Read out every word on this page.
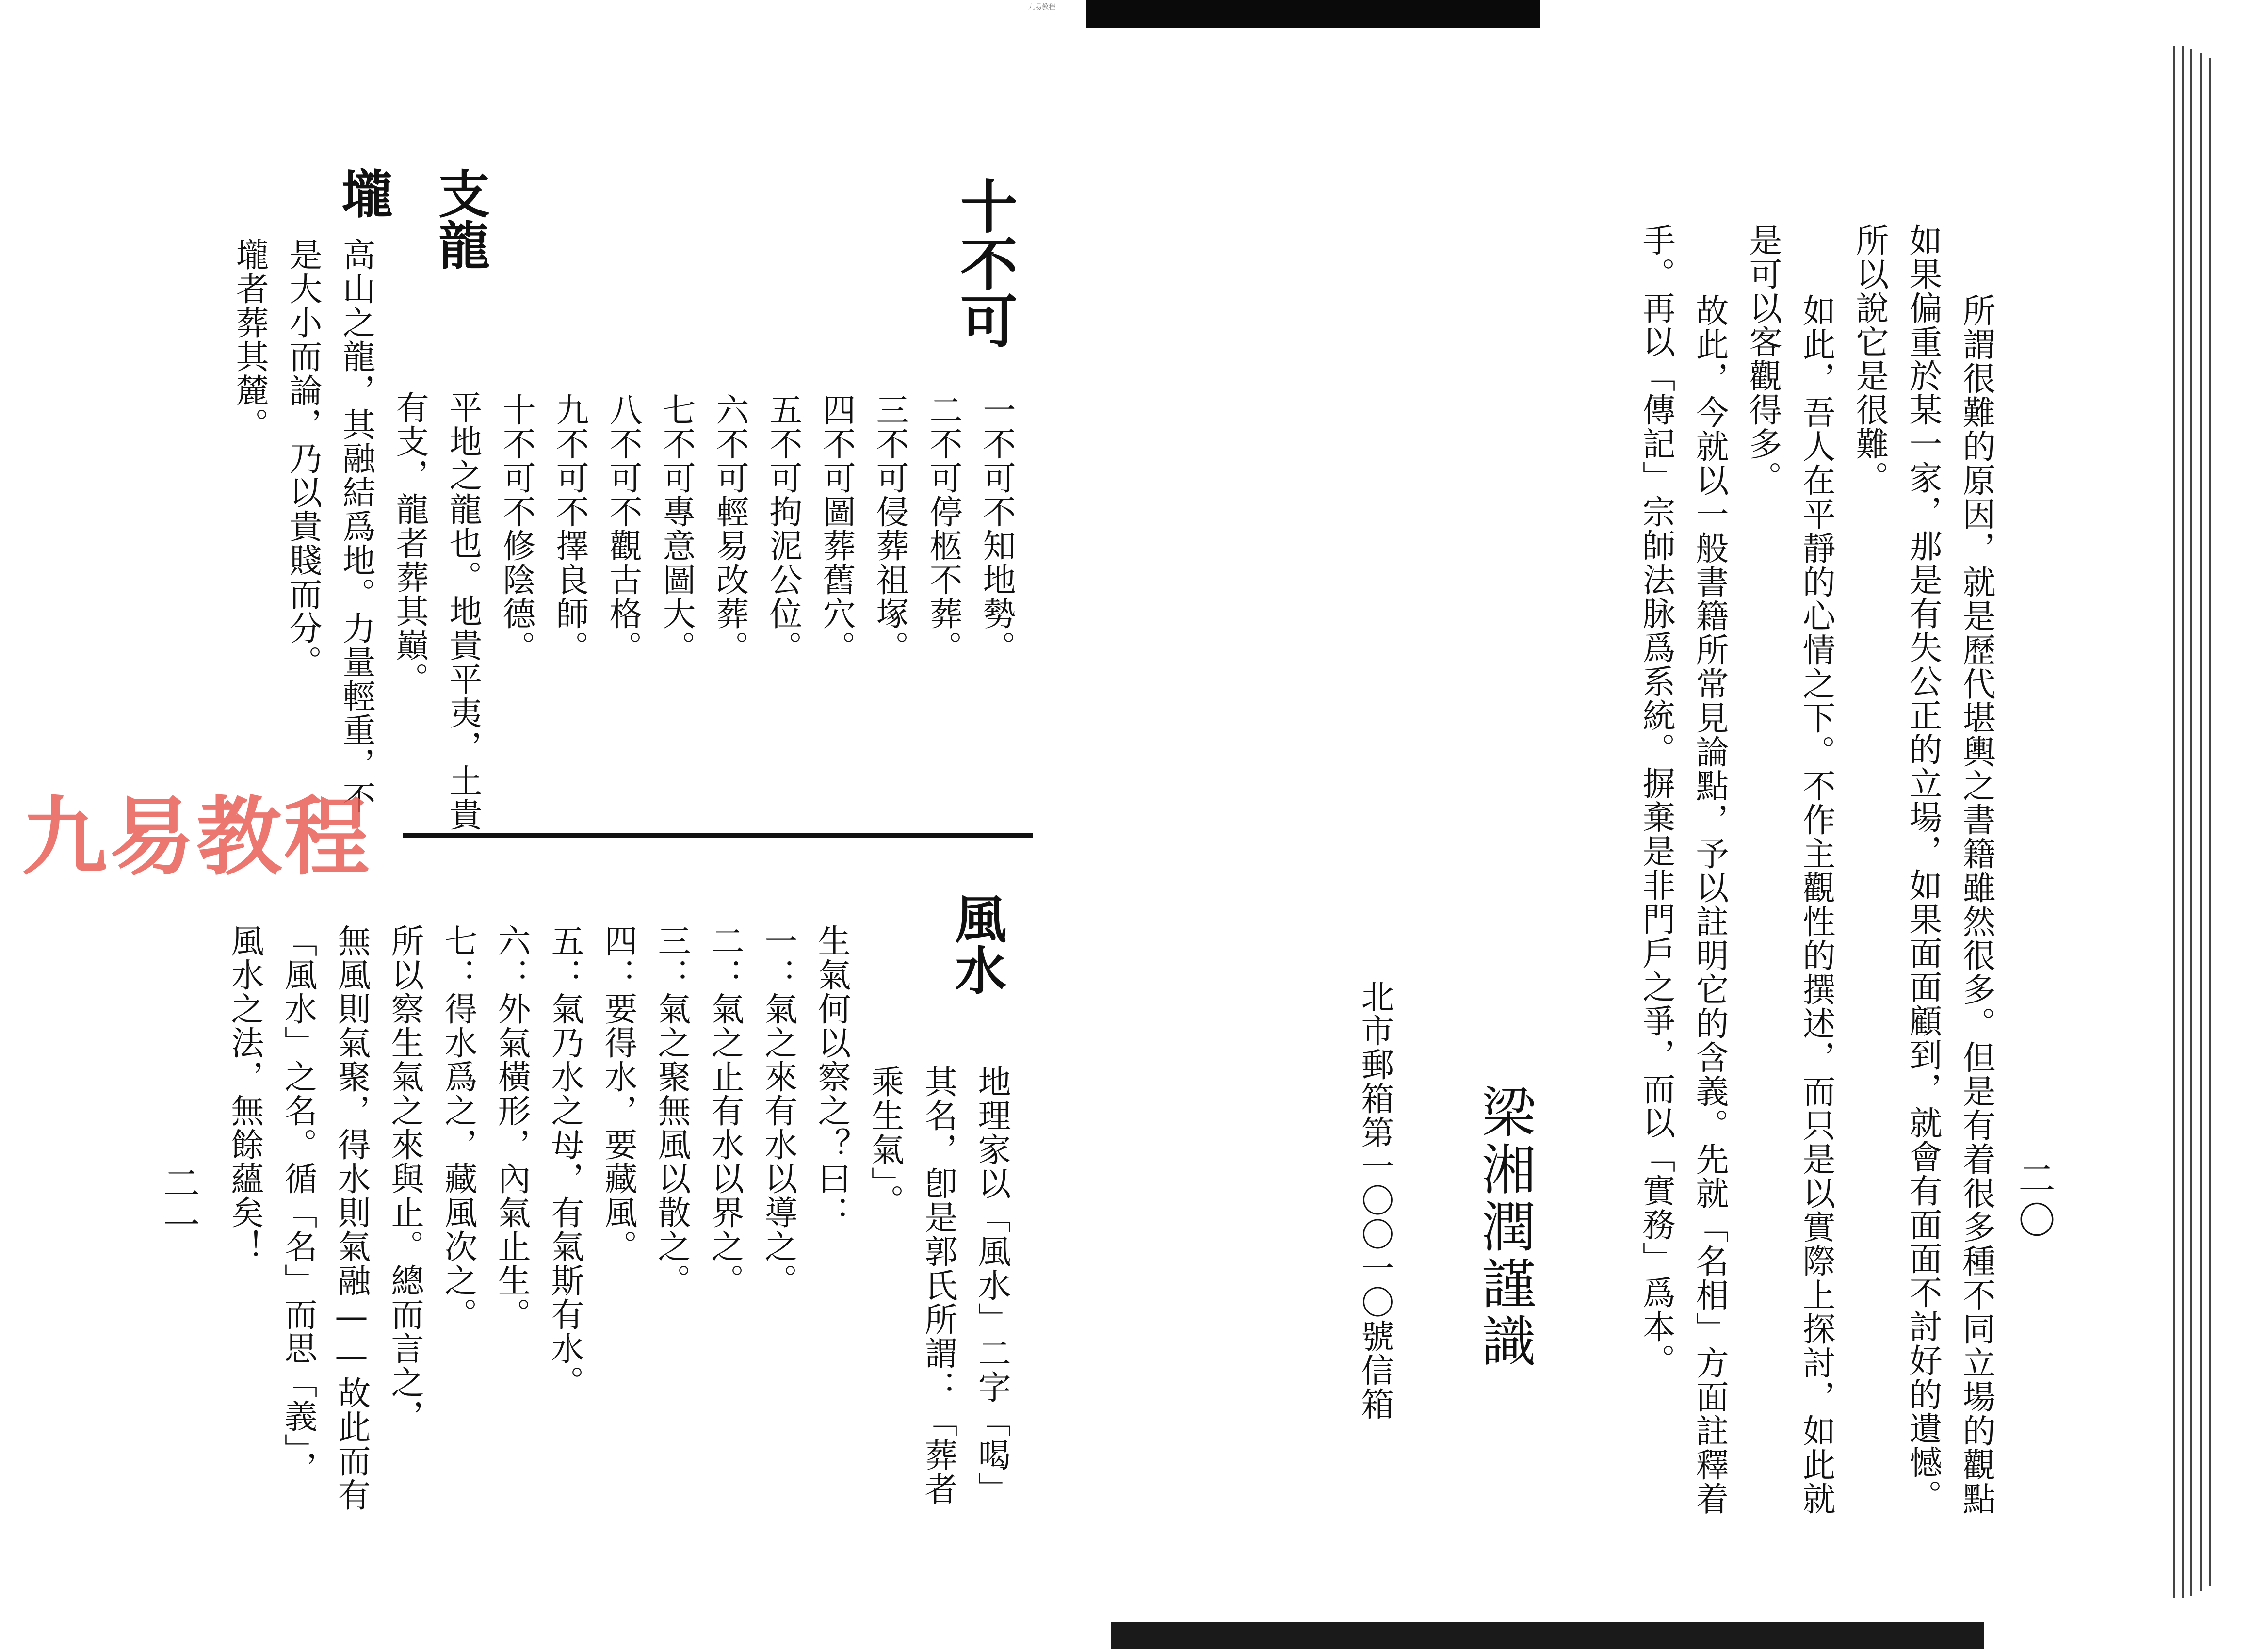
九易教程
二〇
所謂很難的原因，就是歷代堪輿之書籍雖然很多。但是有着很多種不同立場的觀點
如果偏重於某一家，那是有失公正的立場，如果面面顧到，就會有面面不討好的遺憾。
所以說它是很難。
如此，吾人在平靜的心情之下。不作主觀性的撰述，而只是以實際上探討，如此就
是可以客觀得多。
故此，今就以一般書籍所常見論點，予以註明它的含義。先就「名相」方面註釋着
手。再以「傳記」宗師法脉爲系統。摒棄是非門戶之爭，而以「實務」爲本。
梁湘潤謹識
北市郵箱第一〇〇一〇號信箱
十不可
一不可不知地勢。
二不可停柩不葬。
三不可侵葬祖塚。
四不可圖葬舊穴。
五不可拘泥公位。
六不可輕易改葬。
七不可專意圖大。
八不可不觀古格。
九不可不擇良師。
十不可不修陰德。
支龍
平地之龍也。地貴平夷，土貴
有支，龍者葬其巔。
壠
高山之龍，其融結爲地。力量輕重，不
是大小而論，乃以貴賤而分。
壠者葬其麓。
風水
地理家以「風水」二字「喝」
其名，卽是郭氏所謂：「葬者
乘生氣」。
生氣何以察之？曰：
一：氣之來有水以導之。
二：氣之止有水以界之。
三：氣之聚無風以散之。
四：要得水，要藏風。
五：氣乃水之母，有氣斯有水。
六：外氣橫形，內氣止生。
七：得水爲之，藏風次之。
所以察生氣之來與止。總而言之，
無風則氣聚，得水則氣融——故此而有
「風水」之名。循「名」而思「義」，
風水之法，無餘蘊矣！
二一
九易教程
